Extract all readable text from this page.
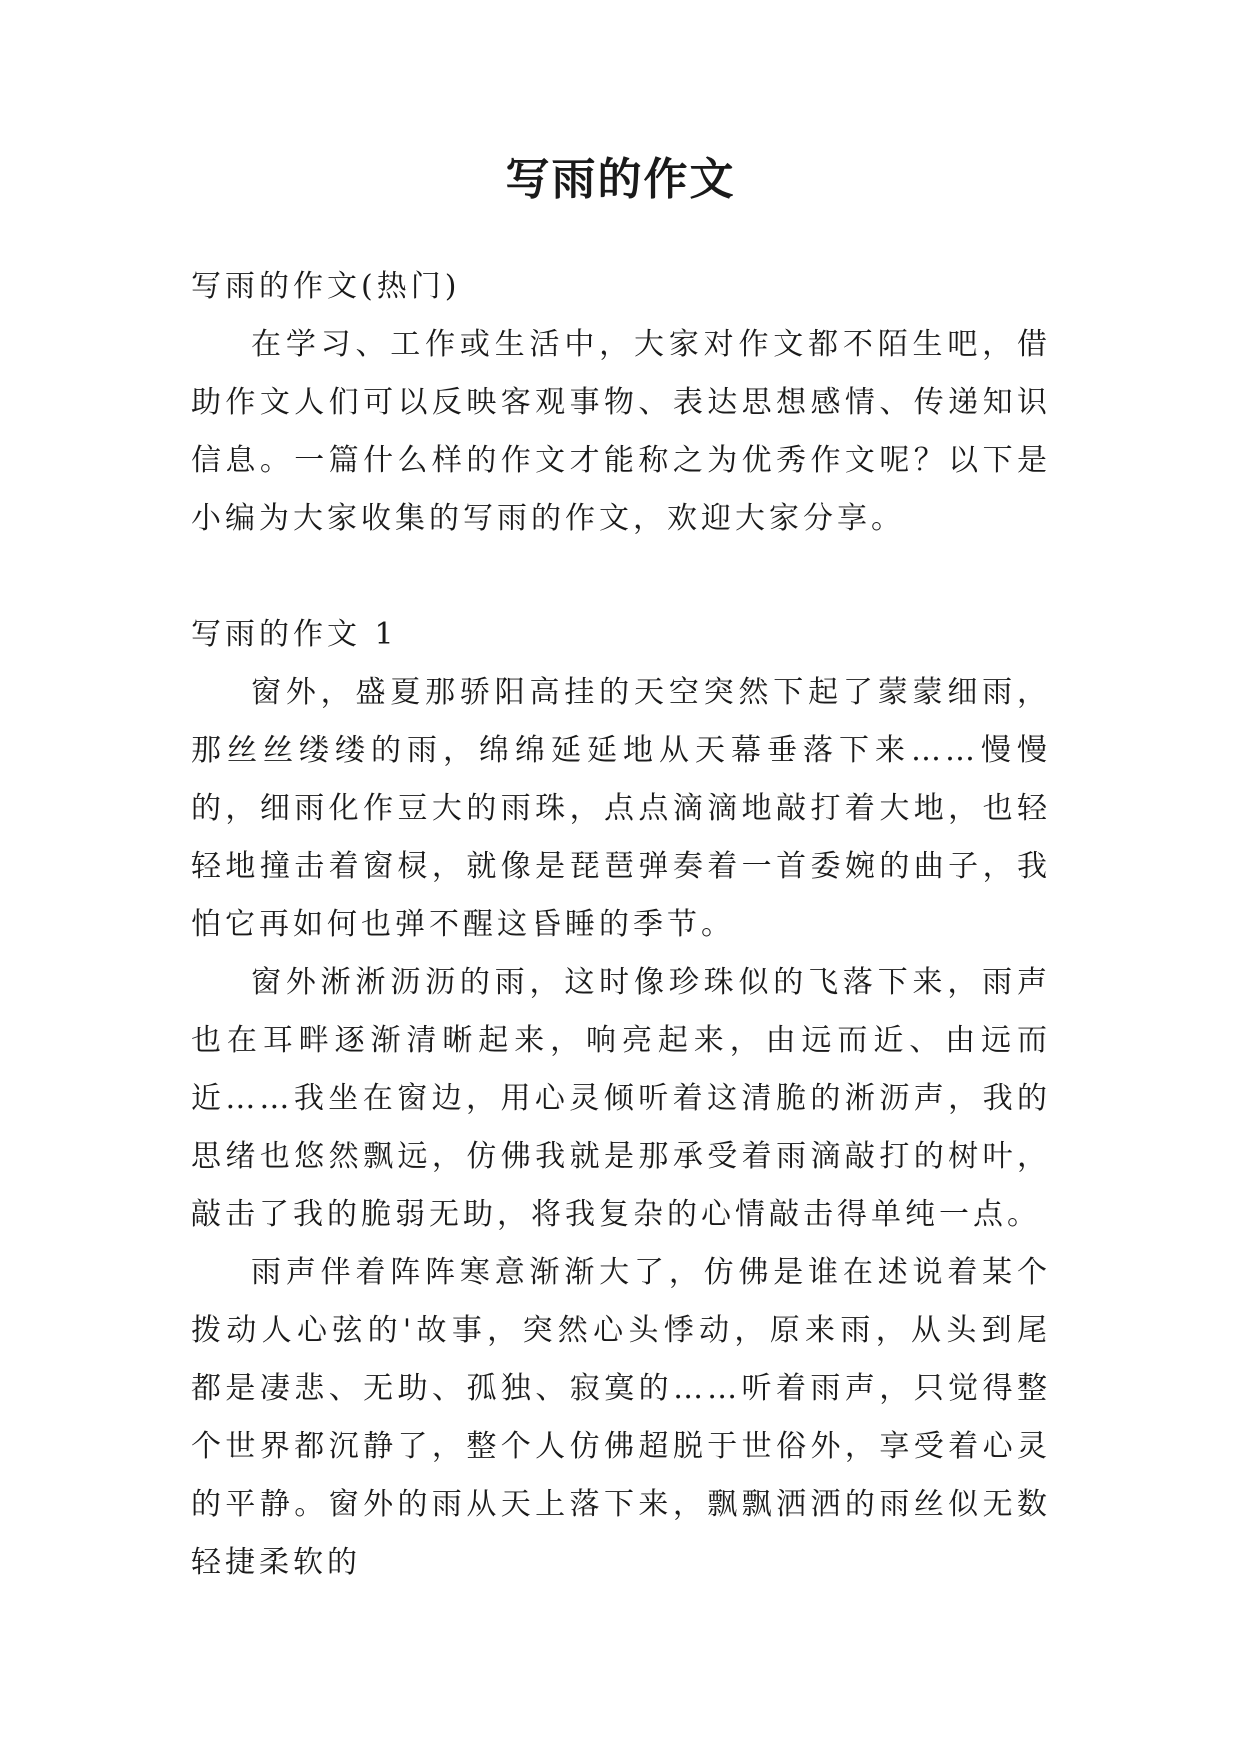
写雨的作文

写雨的作文(热门)

在学习、工作或生活中，大家对作文都不陌生吧，借助作文人们可以反映客观事物、表达思想感情、传递知识信息。一篇什么样的作文才能称之为优秀作文呢？以下是小编为大家收集的写雨的作文，欢迎大家分享。

写雨的作文 1

窗外，盛夏那骄阳高挂的天空突然下起了蒙蒙细雨，那丝丝缕缕的雨，绵绵延延地从天幕垂落下来……慢慢的，细雨化作豆大的雨珠，点点滴滴地敲打着大地，也轻轻地撞击着窗棂，就像是琵琶弹奏着一首委婉的曲子，我怕它再如何也弹不醒这昏睡的季节。

窗外淅淅沥沥的雨，这时像珍珠似的飞落下来，雨声也在耳畔逐渐清晰起来，响亮起来，由远而近、由远而近……我坐在窗边，用心灵倾听着这清脆的淅沥声，我的思绪也悠然飘远，仿佛我就是那承受着雨滴敲打的树叶，敲击了我的脆弱无助，将我复杂的心情敲击得单纯一点。

雨声伴着阵阵寒意渐渐大了，仿佛是谁在述说着某个拨动人心弦的'故事，突然心头悸动，原来雨，从头到尾都是凄悲、无助、孤独、寂寞的……听着雨声，只觉得整个世界都沉静了，整个人仿佛超脱于世俗外，享受着心灵的平静。窗外的雨从天上落下来，飘飘洒洒的雨丝似无数轻捷柔软的
